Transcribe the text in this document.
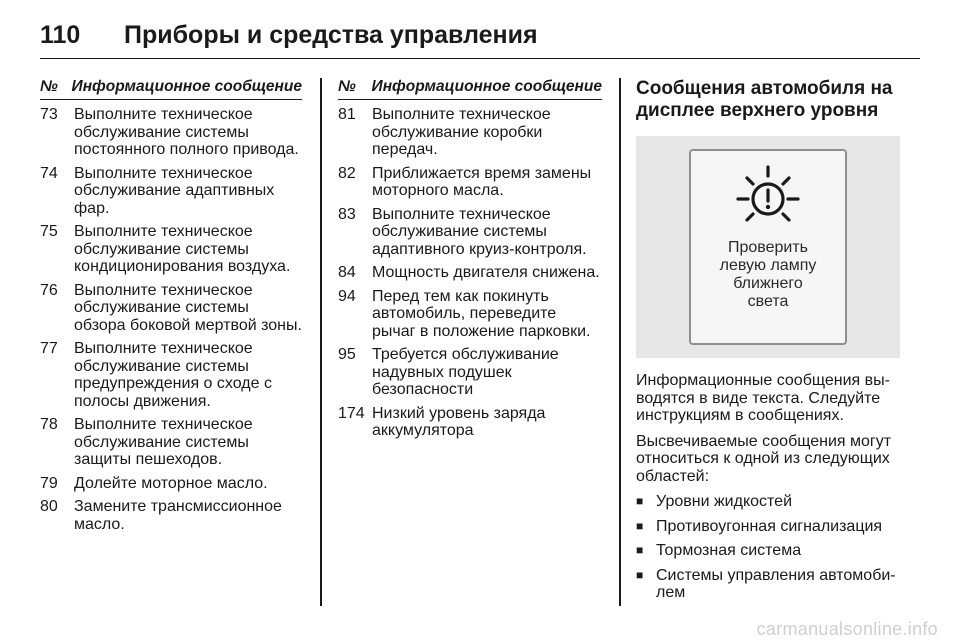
110	Приборы и средства управления
№ Информационное сообщение
73	Выполните техническое обслуживание системы постоянного полного привода.
74	Выполните техническое обслуживание адаптивных фар.
75	Выполните техническое обслуживание системы кондиционирования воздуха.
76	Выполните техническое обслуживание системы обзора боковой мертвой зоны.
77	Выполните техническое обслуживание системы предупреждения о сходе с полосы движения.
78	Выполните техническое обслуживание системы защиты пешеходов.
79	Долейте моторное масло.
80	Замените трансмиссионное масло.
№	Информационное сообщение
81	Выполните техническое обслуживание коробки передач.
82	Приближается время замены моторного масла.
83	Выполните техническое обслуживание системы адаптивного круиз-контроля.
84	Мощность двигателя снижена.
94	Перед тем как покинуть автомобиль, переведите рычаг в положение парковки.
95	Требуется обслуживание надувных подушек безопасности
174 Низкий уровень заряда аккумулятора
Сообщения автомобиля на дисплее верхнего уровня
Проверить
левую лампу
ближнего
света

Информационные сообщения вы-водятся в виде текста. Следуйте инструкциям в сообщениях.

Высвечиваемые сообщения могут относиться к одной из следующих областей:

■ Уровни жидкостей
■ Противоугонная сигнализация
■ Тормозная система
■ Системы управления автомоби-лем
carmanualsonline.info
